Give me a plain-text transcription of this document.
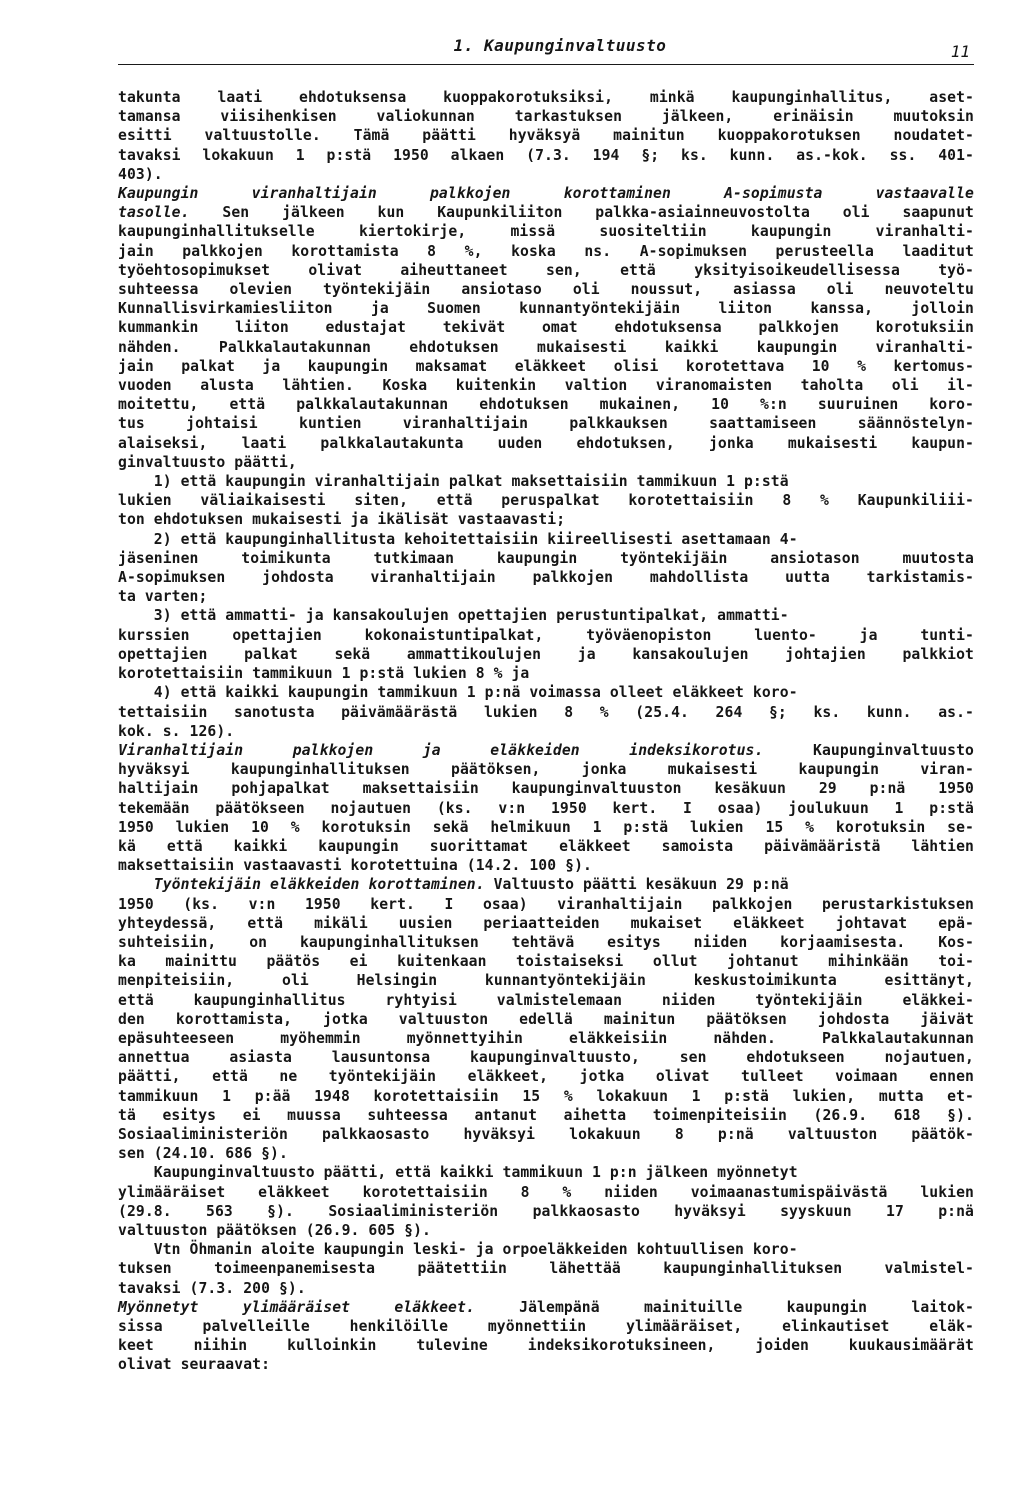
1. Kaupunginvaltuusto	11
takunta laati ehdotuksensa kuoppakorotuksiksi, minkä kaupunginhallitus, aset-
tamansa viisihenkisen valiokunnan tarkastuksen jälkeen, erinäisin muutoksin
esitti valtuustolle. Tämä päätti hyväksyä mainitun kuoppakorotuksen noudatet-
tavaksi lokakuun 1 p:stä 1950 alkaen (7.3. 194 §; ks. kunn. as.-kok. ss. 401-
403).
Kaupungin viranhaltijain palkkojen korottaminen A-sopimusta vastaavalle
tasolle. Sen jälkeen kun Kaupunkiliiton palkka-asiainneuvostolta oli saapunut
kaupunginhallitukselle kiertokirje, missä suositeltiin kaupungin viranhalti-
jain palkkojen korottamista 8 %, koska ns. A-sopimuksen perusteella laaditut
työehtosopimukset olivat aiheuttaneet sen, että yksityisoikeudellisessa työ-
suhteessa olevien työntekijäin ansiotaso oli noussut, asiassa oli neuvoteltu
Kunnallisvirkamiesliiton ja Suomen kunnantyöntekijäin liiton kanssa, jolloin
kummankin liiton edustajat tekivät omat ehdotuksensa palkkojen korotuksiin
nähden. Palkkalautakunnan ehdotuksen mukaisesti kaikki kaupungin viranhalti-
jain palkat ja kaupungin maksamat eläkkeet olisi korotettava 10 % kertomus-
vuoden alusta lähtien. Koska kuitenkin valtion viranomaisten taholta oli il-
moitettu, että palkkalautakunnan ehdotuksen mukainen, 10 %:n suuruinen koro-
tus johtaisi kuntien viranhaltijain palkkauksen saattamiseen säännöstelyn-
alaiseksi, laati palkkalautakunta uuden ehdotuksen, jonka mukaisesti kaupun-
ginvaltuusto päätti,
1) että kaupungin viranhaltijain palkat maksettaisiin tammikuun 1 p:stä
lukien väliaikaisesti siten, että peruspalkat korotettaisiin 8 % Kaupunkiliii-
ton ehdotuksen mukaisesti ja ikälisät vastaavasti;
2) että kaupunginhallitusta kehoitettaisiin kiireellisesti asettamaan 4-
jäseninen toimikunta tutkimaan kaupungin työntekijäin ansiotason muutosta
A-sopimuksen johdosta viranhaltijain palkkojen mahdollista uutta tarkistamis-
ta varten;
3) että ammatti- ja kansakoulujen opettajien perustuntipalkat, ammatti-
kurssien opettajien kokonaistuntipalkat, työväenopiston luento- ja tunti-
opettajien palkat sekä ammattikoulujen ja kansakoulujen johtajien palkkiot
korotettaisiin tammikuun 1 p:stä lukien 8 % ja
4) että kaikki kaupungin tammikuun 1 p:nä voimassa olleet eläkkeet koro-
tettaisiin sanotusta päivämäärästä lukien 8 % (25.4. 264 §; ks. kunn. as.-
kok. s. 126).
Viranhaltijain palkkojen ja eläkkeiden indeksikorotus. Kaupunginvaltuusto
hyväksyi kaupunginhallituksen päätöksen, jonka mukaisesti kaupungin viran-
haltijain pohjapalkat maksettaisiin kaupunginvaltuuston kesäkuun 29 p:nä 1950
tekemään päätökseen nojautuen (ks. v:n 1950 kert. I osaa) joulukuun 1 p:stä
1950 lukien 10 % korotuksin sekä helmikuun 1 p:stä lukien 15 % korotuksin se-
kä että kaikki kaupungin suorittamat eläkkeet samoista päivämääristä lähtien
maksettaisiin vastaavasti korotettuina (14.2. 100 §).
Työntekijäin eläkkeiden korottaminen. Valtuusto päätti kesäkuun 29 p:nä
1950 (ks. v:n 1950 kert. I osaa) viranhaltijain palkkojen perustarkistuksen
yhteydessä, että mikäli uusien periaatteiden mukaiset eläkkeet johtavat epä-
suhteisiin, on kaupunginhallituksen tehtävä esitys niiden korjaamisesta. Kos-
ka mainittu päätös ei kuitenkaan toistaiseksi ollut johtanut mihinkään toi-
menpiteisiin, oli Helsingin kunnantyöntekijäin keskustoimikunta esittänyt,
että kaupunginhallitus ryhtyisi valmistelemaan niiden työntekijäin eläkkei-
den korottamista, jotka valtuuston edellä mainitun päätöksen johdosta jäivät
epäsuhteeseen myöhemmin myönnettyihin eläkkeisiin nähden. Palkkalautakunnan
annettua asiasta lausuntonsa kaupunginvaltuusto, sen ehdotukseen nojautuen,
päätti, että ne työntekijäin eläkkeet, jotka olivat tulleet voimaan ennen
tammikuun 1 p:ää 1948 korotettaisiin 15 % lokakuun 1 p:stä lukien, mutta et-
tä esitys ei muussa suhteessa antanut aihetta toimenpiteisiin (26.9. 618 §).
Sosiaaliministeriön palkkaosasto hyväksyi lokakuun 8 p:nä valtuuston päätök-
sen (24.10. 686 §).
Kaupunginvaltuusto päätti, että kaikki tammikuun 1 p:n jälkeen myönnetyt
ylimääräiset eläkkeet korotettaisiin 8 % niiden voimaanastumispäivästä lukien
(29.8. 563 §). Sosiaaliministeriön palkkaosasto hyväksyi syyskuun 17 p:nä
valtuuston päätöksen (26.9. 605 §).
Vtn Öhmanin aloite kaupungin leski- ja orpoeläkkeiden kohtuullisen koro-
tuksen toimeenpanemisesta päätettiin lähettää kaupunginhallituksen valmistel-
tavaksi (7.3. 200 §).
Myönnetyt ylimääräiset eläkkeet. Jälempänä mainituille kaupungin laitok-
sissa palvelleille henkilöille myönnettiin ylimääräiset, elinkautiset eläk-
keet niihin kulloinkin tulevine indeksikorotuksineen, joiden kuukausimäärät
olivat seuraavat:
